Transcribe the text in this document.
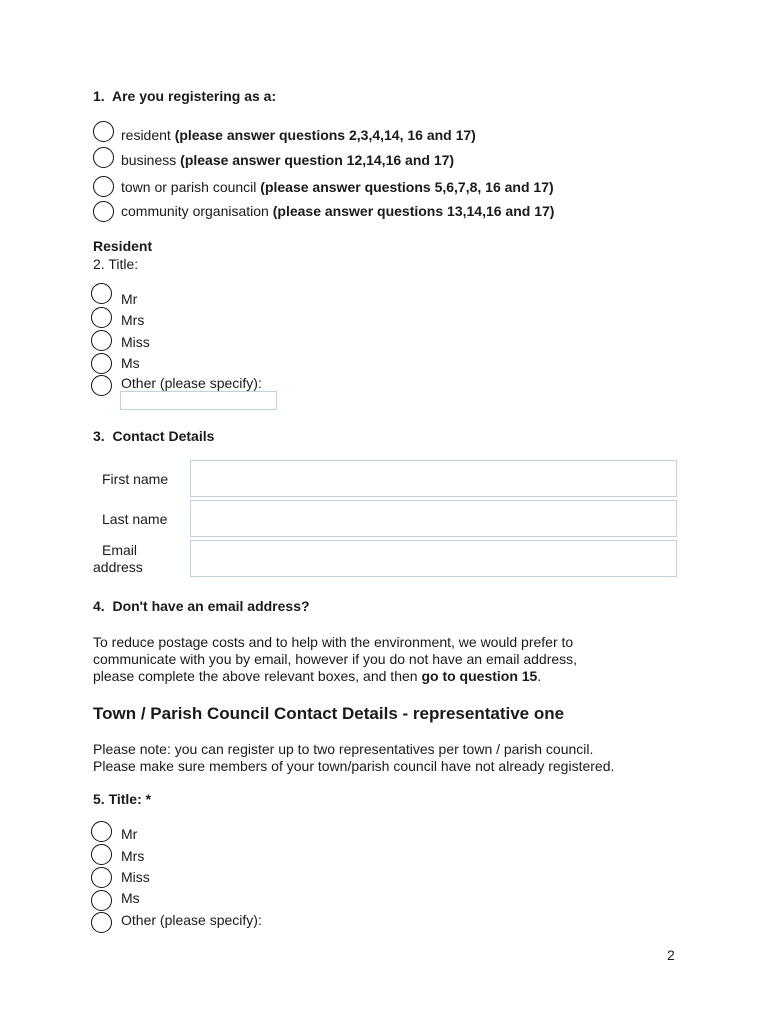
1. Are you registering as a:
resident (please answer questions 2,3,4,14, 16 and 17)
business (please answer question 12,14,16 and 17)
town or parish council (please answer questions 5,6,7,8, 16 and 17)
community organisation (please answer questions 13,14,16 and 17)
Resident
2. Title:
Mr
Mrs
Miss
Ms
Other (please specify):
3. Contact Details
First name
Last name
Email
address
4. Don't have an email address?
To reduce postage costs and to help with the environment, we would prefer to
communicate with you by email, however if you do not have an email address,
please complete the above relevant boxes, and then go to question 15.
Town / Parish Council Contact Details - representative one
Please note: you can register up to two representatives per town / parish council.
Please make sure members of your town/parish council have not already registered.
5. Title: *
Mr
Mrs
Miss
Ms
Other (please specify):
2
